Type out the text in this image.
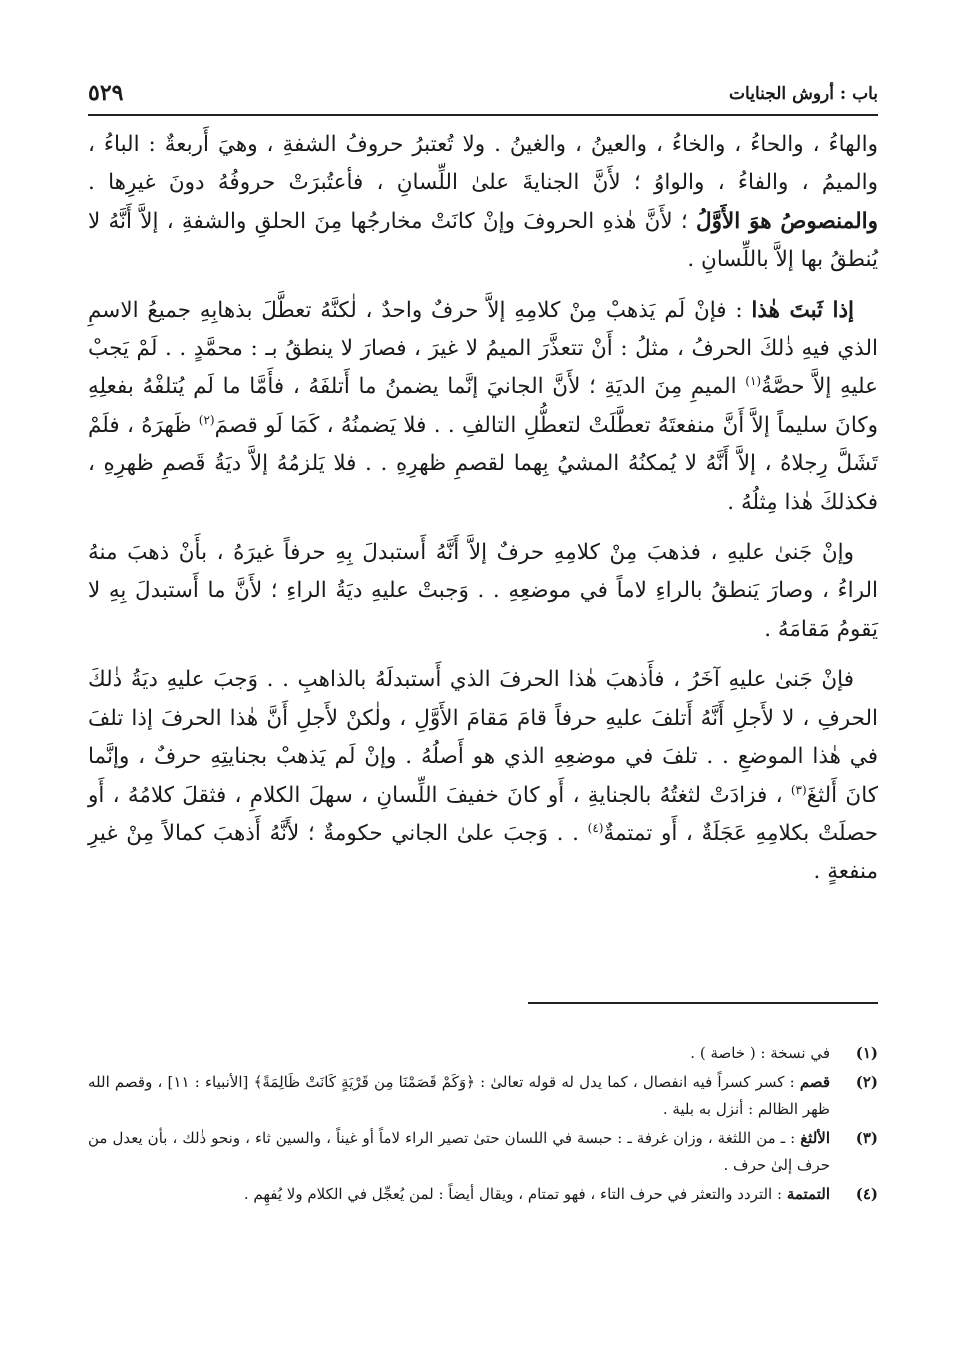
باب : أروش الجنايات
٥٢٩

والهاءُ ، والحاءُ ، والخاءُ ، والعينُ ، والغينُ . ولا تُعتبرُ حروفُ الشفةِ ، وهيَ أَربعةٌ : الباءُ ، والميمُ ، والفاءُ ، والواوُ ؛ لأَنَّ الجنايةَ علىٰ اللِّسانِ ، فأعتُبرَتْ حروفُهُ دونَ غيرِها . والمنصوصُ هوَ الأَوَّلُ ؛ لأَنَّ هٰذهِ الحروفَ وإنْ كانَتْ مخارجُها مِنَ الحلقِ والشفةِ ، إلاَّ أَنَّهُ لا يُنطقُ بها إلاَّ باللِّسانِ .

إذا ثَبتَ هٰذا : فإنْ لَم يَذهبْ مِنْ كلامِهِ إلاَّ حرفٌ واحدٌ ، لٰكنَّهُ تعطَّلَ بذهابِهِ جميعُ الاسمِ الذي فيهِ ذٰلكَ الحرفُ ، مثلُ : أَنْ تتعذَّرَ الميمُ لا غيرَ ، فصارَ لا ينطقُ بـ : محمَّدٍ . . لَمْ يَجبْ عليهِ إلاَّ حصَّةُ$^{(١)}$ الميمِ مِنَ الديَةِ ؛ لأَنَّ الجانيَ إنَّما يضمنُ ما أَتلفَهُ ، فأَمَّا ما لَم يُتلفْهُ بفعلِهِ وكانَ سليماً إلاَّ أَنَّ منفعتَهُ تعطَّلَتْ لتعطُّلِ التالفِ . . فلا يَضمنُهُ ، كَمَا لَو قصمَ$^{(٢)}$ ظَهرَهُ ، فلَمْ تَشَلَّ رِجلاهُ ، إلاَّ أَنَّهُ لا يُمكنُهُ المشيُ بِهما لقصمِ ظهرِهِ . . فلا يَلزمُهُ إلاَّ ديَةُ قَصمِ ظهرِهِ ، فكذلكَ هٰذا مِثلُهُ .

وإنْ جَنىٰ عليهِ ، فذهبَ مِنْ كلامِهِ حرفٌ إلاَّ أَنَّهُ أَستبدلَ بِهِ حرفاً غيرَهُ ، بأَنْ ذهبَ منهُ الراءُ ، وصارَ يَنطقُ بالراءِ لاماً في موضعِهِ . . وَجبتْ عليهِ ديَةُ الراءِ ؛ لأَنَّ ما أَستبدلَ بِهِ لا يَقومُ مَقامَهُ .

فإنْ جَنىٰ عليهِ آخَرُ ، فأَذهبَ هٰذا الحرفَ الذي أَستبدلَهُ بالذاهبِ . . وَجبَ عليهِ ديَةُ ذٰلكَ الحرفِ ، لا لأَجلِ أَنَّهُ أَتلفَ عليهِ حرفاً قامَ مَقامَ الأَوَّلِ ، ولٰكنْ لأَجلِ أَنَّ هٰذا الحرفَ إذا تلفَ في هٰذا الموضعِ . . تلفَ في موضعِهِ الذي هو أَصلُهُ . وإنْ لَم يَذهبْ بجنايتِهِ حرفٌ ، وإنَّما كانَ أَلثغَ$^{(٣)}$ ، فزادَتْ لثغتُهُ بالجنايةِ ، أَو كانَ خفيفَ اللِّسانِ ، سهلَ الكلامِ ، فثقلَ كلامُهُ ، أَو حصلَتْ بكلامِهِ عَجَلَةٌ ، أَو تمتمةٌ$^{(٤)}$ . . وَجبَ علىٰ الجاني حكومةٌ ؛ لأَنَّهُ أَذهبَ كمالاً مِنْ غيرِ منفعةٍ .

(١)
في نسخة : ( خاصة ) .
(٢)
قصم : كسر كسراً فيه انفصال ، كما يدل له قوله تعالىٰ : ﴿وَكَمْ قَصَمْنَا مِن قَرْيَةٍ كَانَتْ ظَالِمَةً﴾ [الأنبياء : ١١] ، وقصم الله ظهر الظالم : أنزل به بلية .
(٣)
الألثغ : ـ من اللثغة ، وزان غرفة ـ : حبسة في اللسان حتىٰ تصير الراء لاماً أو غيناً ، والسين ثاء ، ونحو ذٰلك ، بأن يعدل من حرف إلىٰ حرف .
(٤)
التمتمة : التردد والتعثر في حرف التاء ، فهو تمتام ، ويقال أيضاً : لمن يُعجِّل في الكلام ولا يُفهِم .
